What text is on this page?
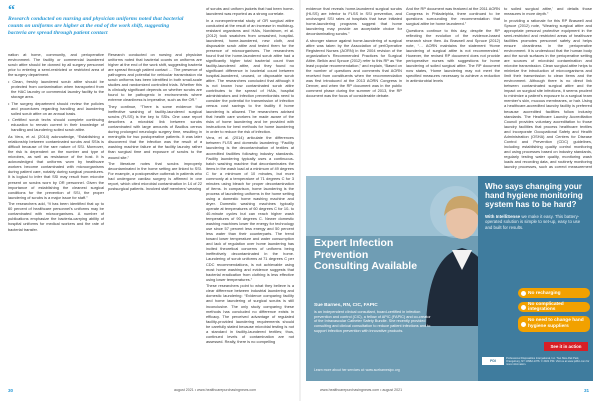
“
Research conducted on nursing and physician uniforms noted that bacterial counts on uniforms are higher at the end of the work shift, suggesting bacteria are spread through patient contact

nation at home, community, and perioperative environment. The facility or commercial laundered scrub attire should be donned by all surgery personnel prior to entering a semi-restricted or restricted area of the surgery department.

• Clean, freshly laundered scrub attire should be protected from contamination when transported from the HAC laundry or commercial laundry facility to the storage area.

• The surgery department should review the policies and procedures regarding handling and laundering soiled scrub attire on an annual basis.

• Certified scrub techs should complete continuing education to remain current in their knowledge of handling and laundering soiled scrub attire.

As Vera, et al. (2014) acknowledge, “Establishing a relationship between contaminated scrubs and SSIs is difficult because of the rare nature of SSI. Moreover, the risk is dependent on the number and type of microbes, as well as resistance of the host. It is acknowledged that uniforms worn by healthcare workers become contaminated with microorganisms during patient care, notably during surgical procedures. It is logical to infer that SSI may result from microbe present on scrubs worn by OR personnel. Given the importance of establishing the cleanest surgical conditions for the prevention of SSI, the proper laundering of scrubs is a major issue for staff.”

The researchers add, “It has been identified that up to 60 percent of healthcare personnel’s uniforms may be contaminated with microorganisms. A number of publications emphasize the bacteria-carrying ability of hospital uniforms for medical workers and the rate of bacterial transfer.

Research conducted on nursing and physician uniforms noted that bacterial counts on uniforms are higher at the end of the work shift, suggesting bacteria are spread through patient contact … The presence of pathogens and potential for vehicular transmission via scrub uniforms has been identified in both small-scale studies and randomized controlled trials. Whether this is clinically significant depends on whether scrubs are found to be pathogenic in environments where extreme cleanliness is imperative, such as the OR.”

They continue, “There is some evidence that ineffective washing of facility-laundered surgical scrubs (FLSS) is the key to SSIs. One case report describes a microbial link between scrubs contaminated with large amounts of Bacillus cereus during prolonged neurologic surgery time, resulting in meningitis for two postoperative patients. It was later discovered that the infection was the result of a washing machine failure at the facility laundry rather than surgical time and exposure of scrubs to the wound site.”

The literature notes that scrubs improperly decontaminated in the home setting are linked to SSI. For example, a postoperative outbreak in patients who had undergone cardiac surgery is affirmed in one report, which cited microbial contamination in 14 of 22 postsurgical patients. Involved staff members’ wearing

of scrubs and uniform jackets that had been home-laundered was reported as a strong correlate.

In a nonexperimental study of OR surgical attire conducted at the result of an increase in multidrug-resistant organisms and HAIs, Nordstrom, et al. (2012) took swatches from unwashed, hospital-laundered, home-laundered, new cloth, and disposable scrub attire and tested them for the presence of microorganisms. The researchers found that the home-laundered scrub attire had a significantly higher total bacterial count than facility-laundered attire, and they found no significant difference in bacterial count between hospital-laundered, unused, or disposable scrub attire. The researchers concluded that although it is not known how contaminated scrub attire contributes to the spread of HAIs, hospital administrators and infection preventionists need to consider the potential for transmission of infection versus cost savings to the facility if home laundering is allowed. The researchers advised that health care workers be made aware of the risks of home laundering and be provided with instructions for best methods for home laundering in order to reduce the risk of infection.

Vera, et al. (2014) articulate the differences between FLSS and domestic laundering: “Facility laundering is the decontamination of textiles at accredited facilities following industry standards. Facility laundering typically uses a continuous-batch washing machine that decontaminates the items in the wash load at a minimum of 49 degrees C for a minimum of 10 minutes, but more commonly at a temperature of 71 degrees C for 3 minutes using bleach for proper decontamination of items. In comparison, home laundering is the process of laundering uniforms in the home setting using a domestic home washing machine and dryer. Domestic washing machines typically operate at temperatures of 60 degrees C for 10- to 40-minute cycles but can reach higher wash temperatures of 90 degrees C. Newer domestic washing machines lower the energy for technology use since 57 percent less energy and 50 percent less water than their counterparts. The trend toward lower temperature and water consumption and lack of regulation over home laundering has incited theoretical concerns of uniforms being ineffectively decontaminated in the home. Laundering of scrub uniforms at 71 degrees C per CDC recommendations, is not achievable using most home washing and evidence suggests that bacterial eradication from clothing is less effective using lower temperatures.”

These researchers point to what they believe is a clear difference between industrial laundering and domestic laundering: “Evidence comparing facility and home laundering of surgical scrubs is still inconclusive. The only study comparing these methods has concluded no difference exists in efficacy. The perceived advantage of regulated facility-provided laundering requirements should be carefully stated because microbial testing is not a standard in facility-laundered textiles; thus, continued levels of contamination are not assessed. Really, there is no compelling

30	august 2021 • www.healthcarepurchasingnews.com

evidence that reveals home-laundered surgical scrubs (HLSS) are inferior to FLSS in SSI prevention, and unchanged SSI rates at hospitals that have initiated home-laundering programs suggest that home laundering may provide an acceptable choice for decontaminating scrubs.”

A stronger stance against home-laundering of surgical attire was taken by the Association of periOperative Registered Nurses (AORN) in the 2004 revision of the organization’s Recommended Practices for Surgical Attire. Belkin and Spruce (2012) refer to this RP as “the least popular recommendation,” and explain, “Based on the number of questions and comments that AORN received from constituents when the recommendation was first introduced at the 2013 AORN Congress in Denver, and when the RP document was in the public comment phase during the summer of 2013, the RP document was the focus of considerable debate.

And the RP document was featured at the 2011 AORN Congress in Philadelphia, there continued to be questions surrounding the recommendation that surgical attire be home laundered.”

Questions continue to this day, despite the RP reflecting the evolution of the evidence-based research since then. As Braswell and Spruce (2012) note, “… AORN maintains the statement ‘Home laundering of surgical attire is not recommended.’ However, the revised RP document does not provide perioperative nurses with suggestions for home laundering of soiled surgical attire. The RP document now states, ‘Home laundering may not meet the specified measures necessary to achieve a reduction in antimicrobial levels

to soiled surgical attire,’ and details those measures in more depth.”

In providing a rationale for this RP Braswell and Spruce (2012) note, “Wearing surgical attire and appropriate personal protective equipment in the semi-restricted and restricted areas of healthcare facilities promotes personnel safety and helps ensure cleanliness in the perioperative environment. It is understood that the human body and the scrub surfaces in the perioperative setting are sources of microbial contamination and microbe transmission. Clean surgical attire helps to minimize the introduction of microorganisms and limit their transmission to clean items and the environment. Although there is no direct link between contaminated surgical attire and the impact on surgical site infections, it seems prudent to minimize a patient’s exposure to a surgical team member’s skin, mucous membranes, or hair. Using a healthcare-accredited laundry facility is preferred because accredited facilities follow industry standards. The Healthcare Laundry Accreditation Council provides voluntary accreditation to those laundry facilities that process healthcare textiles and incorporate Occupational Safety and Health Administration (OSHA) and Centers for Disease Control and Prevention (CDC) guidelines, including establishing quality control monitoring and using processes based on industry standards, regularly testing water quality, monitoring wash loads and recording data, and routinely monitoring laundry processes, such as correct measurement

Expert Infection Prevention Consulting Available
Sue Barnes, RN, CIC, FAPIC
is an independent clinical consultant, board-certified in infection prevention and control (CIC), a fellow of APIC (FAPIC) and co-creator of the Intravascular Catheter Safety Bundle. She recently provided consulting and clinical consultation to reduce patient infections and to support infection prevention with innovative products.
Learn more about her services at: www.suebarnesipc.org
Who says changing your hand hygiene monitoring system has to be hard?
With IntelliSense we make it easy. This battery-operated solution is simple to set-up, easy to use and built for results.
No recharging
No complicated integrations
No need to change hand hygiene suppliers
See it in action
PDI
Professional Disposables International, Inc. Two Nice-Pak Park, Orangeburg, NY 10962-1376. © 2021 PDI. Visit us at www.pdihc.com for more information.
www.healthcarepurchasingnews.com • august 2021	31
